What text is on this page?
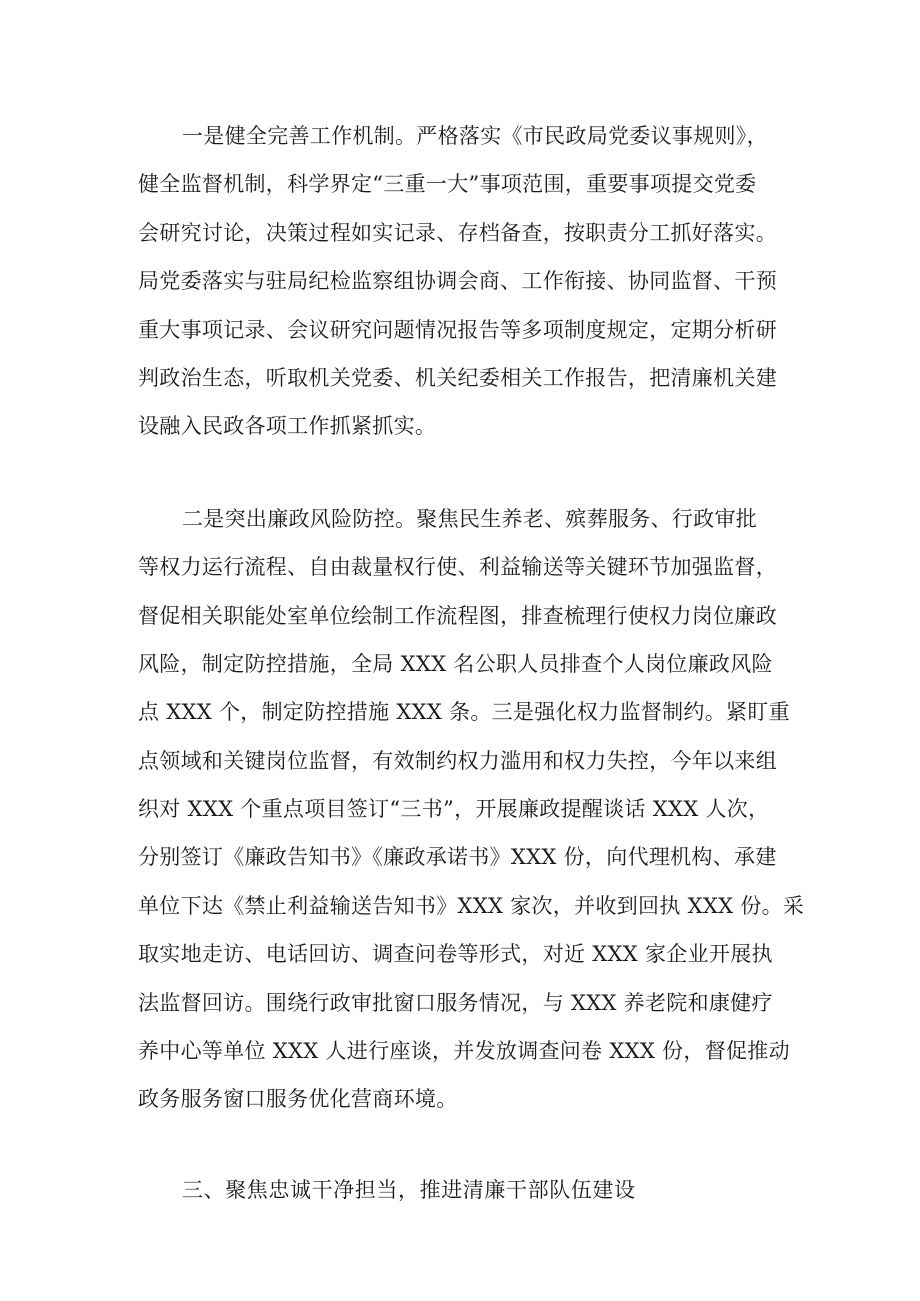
一是健全完善工作机制。严格落实《市民政局党委议事规则》，
健全监督机制，科学界定“三重一大”事项范围，重要事项提交党委
会研究讨论，决策过程如实记录、存档备查，按职责分工抓好落实。
局党委落实与驻局纪检监察组协调会商、工作衔接、协同监督、干预
重大事项记录、会议研究问题情况报告等多项制度规定，定期分析研
判政治生态，听取机关党委、机关纪委相关工作报告，把清廉机关建
设融入民政各项工作抓紧抓实。
二是突出廉政风险防控。聚焦民生养老、殡葬服务、行政审批
等权力运行流程、自由裁量权行使、利益输送等关键环节加强监督，
督促相关职能处室单位绘制工作流程图，排查梳理行使权力岗位廉政
风险，制定防控措施，全局 XXX 名公职人员排查个人岗位廉政风险
点 XXX 个，制定防控措施 XXX 条。三是强化权力监督制约。紧盯重
点领域和关键岗位监督，有效制约权力滥用和权力失控，今年以来组
织对 XXX 个重点项目签订“三书”，开展廉政提醒谈话 XXX 人次，
分别签订《廉政告知书》《廉政承诺书》XXX 份，向代理机构、承建
单位下达《禁止利益输送告知书》XXX 家次，并收到回执 XXX 份。采
取实地走访、电话回访、调查问卷等形式，对近 XXX 家企业开展执
法监督回访。围绕行政审批窗口服务情况，与 XXX 养老院和康健疗
养中心等单位 XXX 人进行座谈，并发放调查问卷 XXX 份，督促推动
政务服务窗口服务优化营商环境。
三、聚焦忠诚干净担当，推进清廉干部队伍建设
